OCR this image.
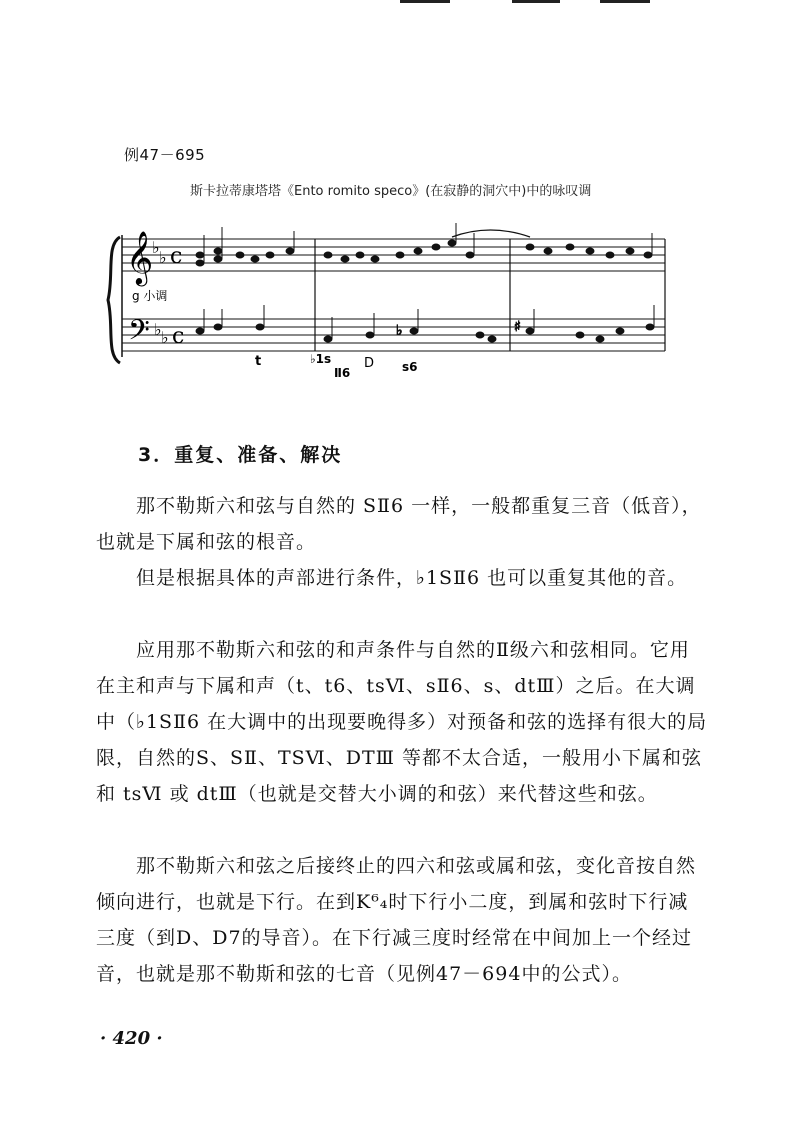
例47－695
斯卡拉蒂康塔塔《Ento romito speco》(在寂静的洞穴中)中的咏叹调
𝄞
𝄢
♭
♭
♭ ♭
c
c
g 小调
♭	♯
t	♭1s
Ⅱ6
D s6
3．重复、准备、解决

那不勒斯六和弦与自然的 SⅡ6 一样，一般都重复三音（低音），也就是下属和弦的根音。

但是根据具体的声部进行条件，♭1SⅡ6 也可以重复其他的音。

应用那不勒斯六和弦的和声条件与自然的Ⅱ级六和弦相同。它用在主和声与下属和声（t、t6、tsⅥ、sⅡ6、s、dtⅢ）之后。在大调中（♭1SⅡ6 在大调中的出现要晚得多）对预备和弦的选择有很大的局限，自然的S、SⅡ、TSⅥ、DTⅢ 等都不太合适，一般用小下属和弦和 tsⅥ 或 dtⅢ（也就是交替大小调的和弦）来代替这些和弦。

那不勒斯六和弦之后接终止的四六和弦或属和弦，变化音按自然倾向进行，也就是下行。在到K⁶₄时下行小二度，到属和弦时下行减三度（到D、D7的导音）。在下行减三度时经常在中间加上一个经过音，也就是那不勒斯和弦的七音（见例47－694中的公式）。

· 420 ·
